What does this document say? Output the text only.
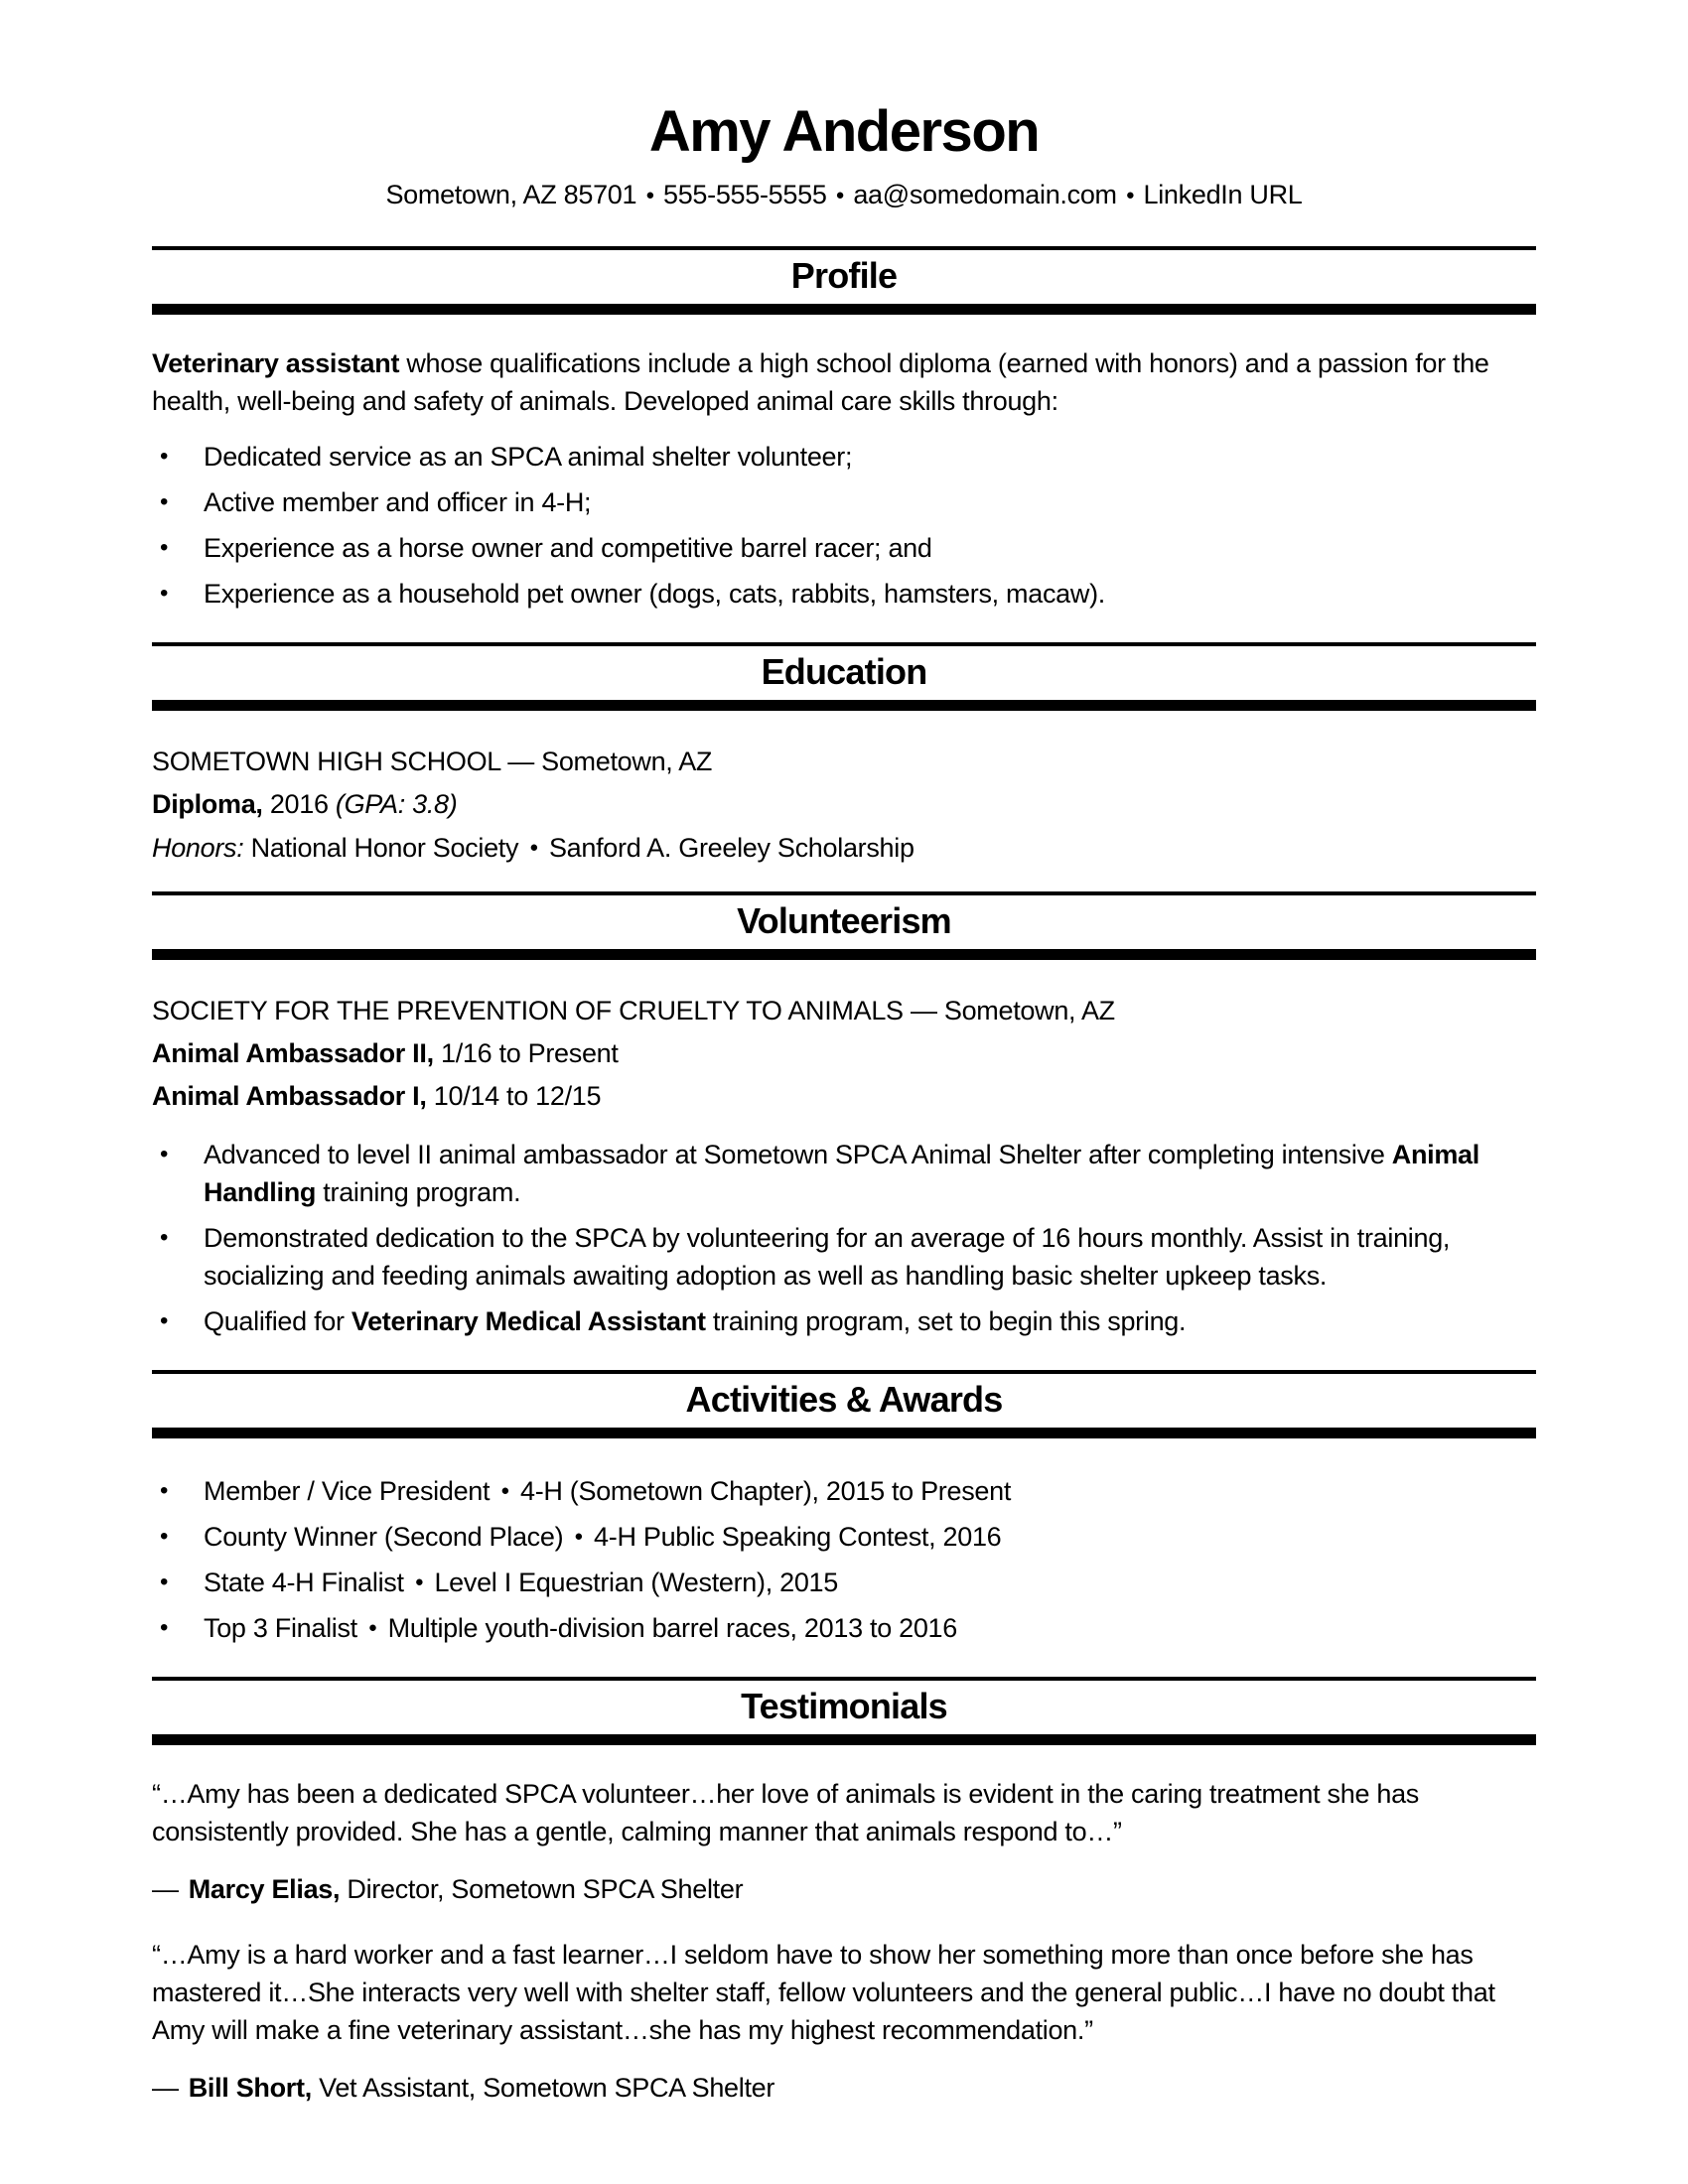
Amy Anderson
Sometown, AZ 85701 ● 555-555-5555 ● aa@somedomain.com ● LinkedIn URL
Profile

Veterinary assistant whose qualifications include a high school diploma (earned with honors) and a passion for the health, well-being and safety of animals. Developed animal care skills through:

•	Dedicated service as an SPCA animal shelter volunteer;
•	Active member and officer in 4-H;
•	Experience as a horse owner and competitive barrel racer; and
•	Experience as a household pet owner (dogs, cats, rabbits, hamsters, macaw).
Education

SOMETOWN HIGH SCHOOL — Sometown, AZ

Diploma, 2016 (GPA: 3.8)

Honors: National Honor Society ● Sanford A. Greeley Scholarship

Volunteerism

SOCIETY FOR THE PREVENTION OF CRUELTY TO ANIMALS — Sometown, AZ

Animal Ambassador II, 1/16 to Present

Animal Ambassador I, 10/14 to 12/15

•	Advanced to level II animal ambassador at Sometown SPCA Animal Shelter after completing intensive Animal Handling training program.
•	Demonstrated dedication to the SPCA by volunteering for an average of 16 hours monthly. Assist in training, socializing and feeding animals awaiting adoption as well as handling basic shelter upkeep tasks.
•	Qualified for Veterinary Medical Assistant training program, set to begin this spring.
Activities & Awards
•	Member / Vice President ● 4-H (Sometown Chapter), 2015 to Present
•	County Winner (Second Place) ● 4-H Public Speaking Contest, 2016
•	State 4-H Finalist ● Level I Equestrian (Western), 2015
•	Top 3 Finalist ● Multiple youth-division barrel races, 2013 to 2016
Testimonials

“…Amy has been a dedicated SPCA volunteer…her love of animals is evident in the caring treatment she has consistently provided. She has a gentle, calming manner that animals respond to…”

— Marcy Elias, Director, Sometown SPCA Shelter

“…Amy is a hard worker and a fast learner…I seldom have to show her something more than once before she has mastered it…She interacts very well with shelter staff, fellow volunteers and the general public…I have no doubt that Amy will make a fine veterinary assistant…she has my highest recommendation.”

— Bill Short, Vet Assistant, Sometown SPCA Shelter
